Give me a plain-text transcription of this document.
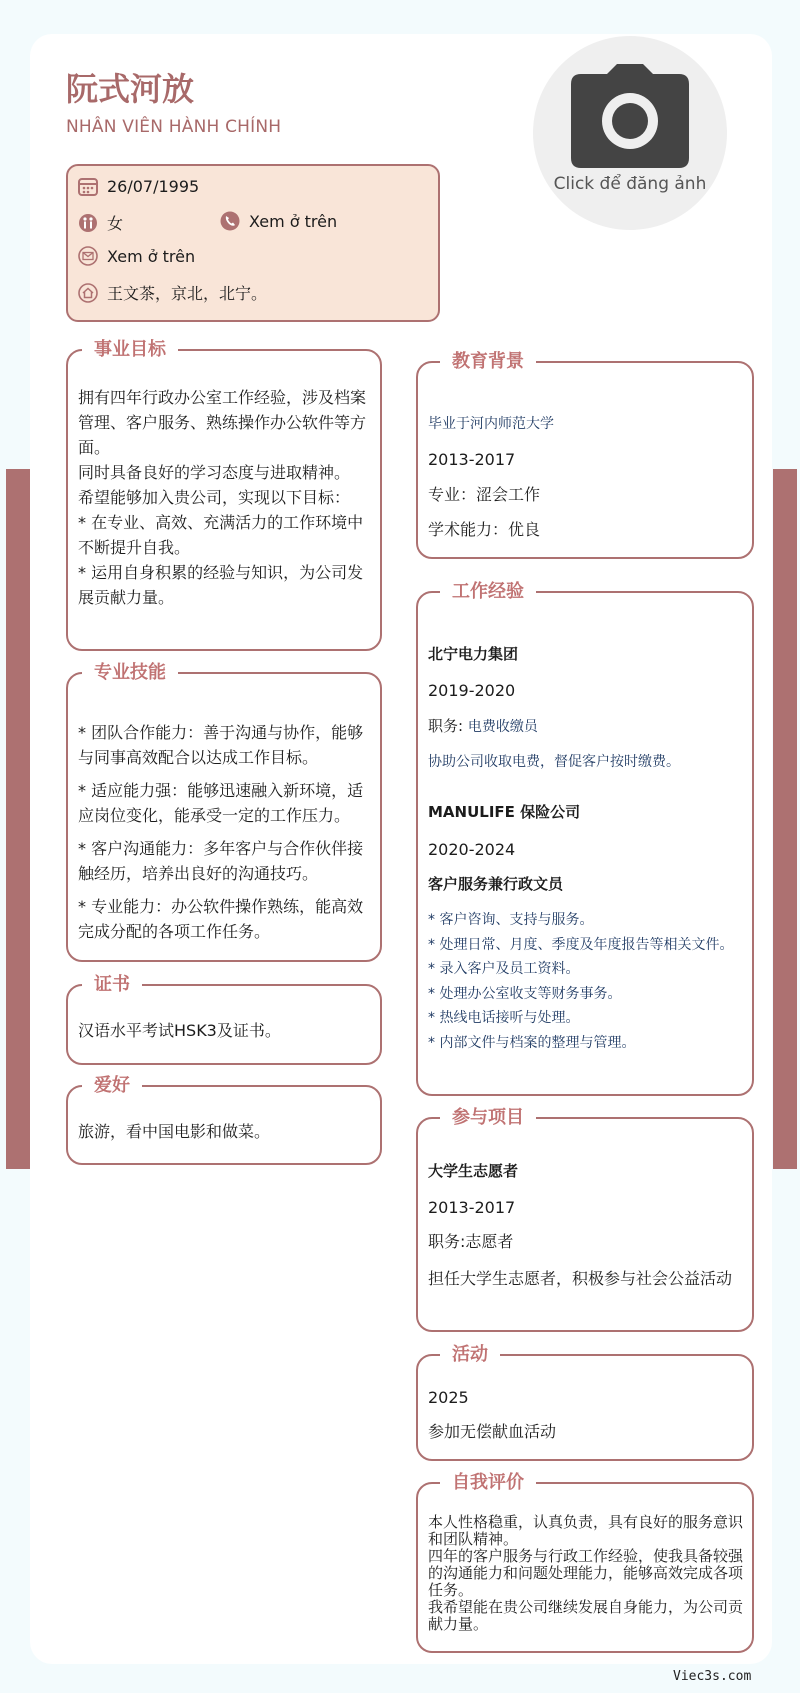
阮式河放
NHÂN VIÊN HÀNH CHÍNH
Click để đăng ảnh
26/07/1995
女	Xem ở trên
Xem ở trên
王文茶，京北，北宁。
事业目标
拥有四年行政办公室工作经验，涉及档案管理、客户服务、熟练操作办公软件等方面。
同时具备良好的学习态度与进取精神。
希望能够加入贵公司，实现以下目标：
* 在专业、高效、充满活力的工作环境中不断提升自我。
* 运用自身积累的经验与知识，为公司发展贡献力量。
专业技能
* 团队合作能力：善于沟通与协作，能够与同事高效配合以达成工作目标。
* 适应能力强：能够迅速融入新环境，适应岗位变化，能承受一定的工作压力。
* 客户沟通能力：多年客户与合作伙伴接触经历，培养出良好的沟通技巧。
* 专业能力：办公软件操作熟练，能高效完成分配的各项工作任务。
证书
汉语水平考试HSK3及证书。
爱好
旅游，看中国电影和做菜。
教育背景
毕业于河内师范大学
2013-2017
专业：涩会工作
学术能力：优良
工作经验
北宁电力集团
2019-2020
职务: 电费收缴员
协助公司收取电费，督促客户按时缴费。
MANULIFE 保险公司
2020-2024
客户服务兼行政文员
* 客户咨询、支持与服务。
* 处理日常、月度、季度及年度报告等相关文件。
* 录入客户及员工资料。
* 处理办公室收支等财务事务。
* 热线电话接听与处理。
* 内部文件与档案的整理与管理。
参与项目
大学生志愿者
2013-2017
职务:志愿者
担任大学生志愿者，积极参与社会公益活动
活动
2025
参加无偿献血活动
自我评价
本人性格稳重，认真负责，具有良好的服务意识和团队精神。
四年的客户服务与行政工作经验，使我具备较强的沟通能力和问题处理能力，能够高效完成各项任务。
我希望能在贵公司继续发展自身能力，为公司贡献力量。
Viec3s.com
